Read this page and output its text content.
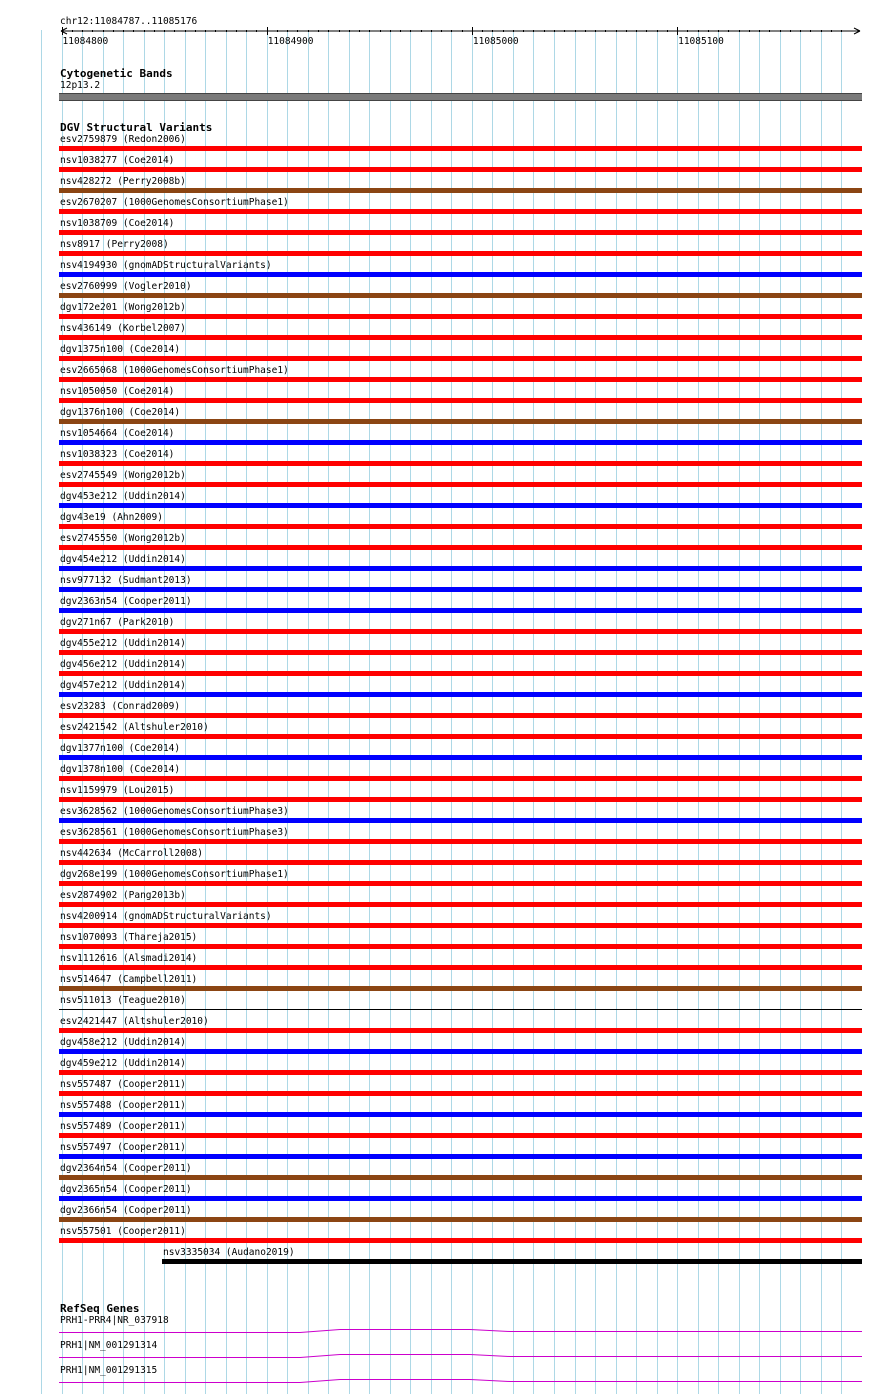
chr12:11084787..11085176
11084800	11084900	11085000	11085100
Cytogenetic Bands
12p13.2
DGV Structural Variants
esv2759879 (Redon2006)
nsv1038277 (Coe2014)
nsv428272 (Perry2008b)
esv2670207 (1000GenomesConsortiumPhase1)
nsv1038709 (Coe2014)
nsv8917 (Perry2008)
nsv4194930 (gnomADStructuralVariants)
esv2760999 (Vogler2010)
dgv172e201 (Wong2012b)
nsv436149 (Korbel2007)
dgv1375n100 (Coe2014)
esv2665068 (1000GenomesConsortiumPhase1)
nsv1050050 (Coe2014)
dgv1376n100 (Coe2014)
nsv1054664 (Coe2014)
nsv1038323 (Coe2014)
esv2745549 (Wong2012b)
dgv453e212 (Uddin2014)
dgv43e19 (Ahn2009)
esv2745550 (Wong2012b)
dgv454e212 (Uddin2014)
nsv977132 (Sudmant2013)
dgv2363n54 (Cooper2011)
dgv271n67 (Park2010)
dgv455e212 (Uddin2014)
dgv456e212 (Uddin2014)
dgv457e212 (Uddin2014)
esv23283 (Conrad2009)
esv2421542 (Altshuler2010)
dgv1377n100 (Coe2014)
dgv1378n100 (Coe2014)
nsv1159979 (Lou2015)
esv3628562 (1000GenomesConsortiumPhase3)
esv3628561 (1000GenomesConsortiumPhase3)
nsv442634 (McCarroll2008)
dgv268e199 (1000GenomesConsortiumPhase1)
esv2874902 (Pang2013b)
nsv4200914 (gnomADStructuralVariants)
nsv1070093 (Thareja2015)
nsv1112616 (Alsmadi2014)
nsv514647 (Campbell2011)
nsv511013 (Teague2010)
esv2421447 (Altshuler2010)
dgv458e212 (Uddin2014)
dgv459e212 (Uddin2014)
nsv557487 (Cooper2011)
nsv557488 (Cooper2011)
nsv557489 (Cooper2011)
nsv557497 (Cooper2011)
dgv2364n54 (Cooper2011)
dgv2365n54 (Cooper2011)
dgv2366n54 (Cooper2011)
nsv557501 (Cooper2011)
nsv3335034 (Audano2019)
RefSeq Genes
PRH1-PRR4|NR_037918
PRH1|NM_001291314
PRH1|NM_001291315
